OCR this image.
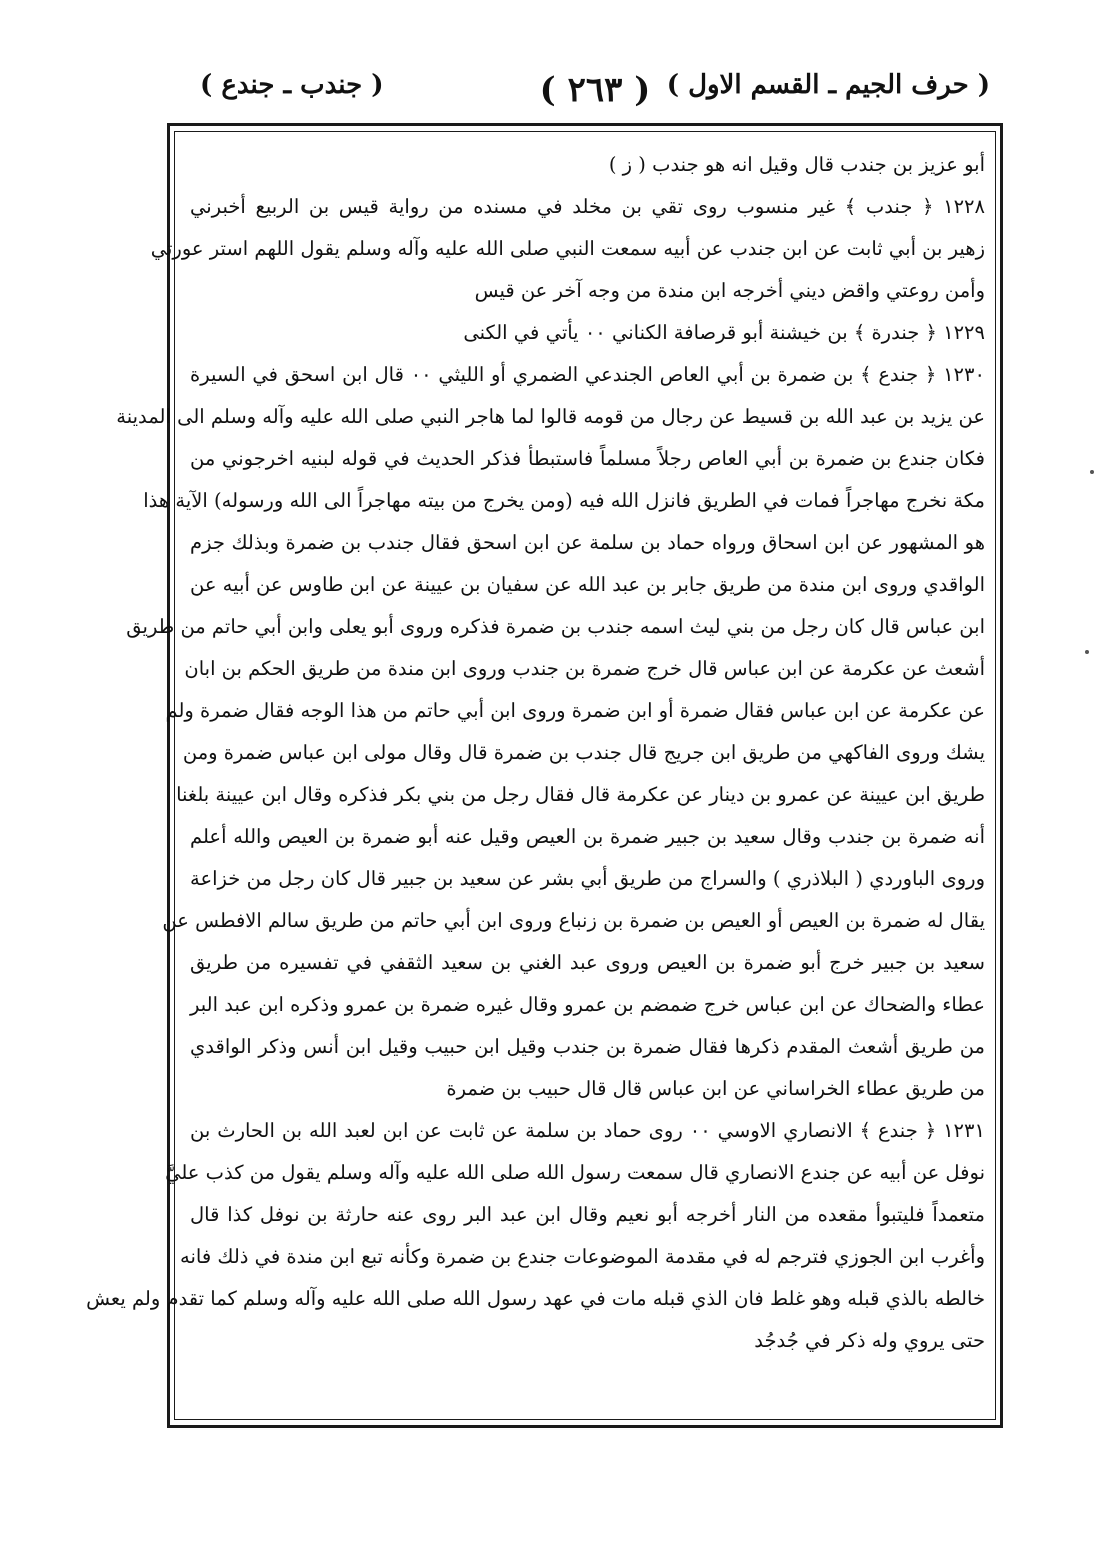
( حرف الجيم ـ القسم الاول )
( ٢٦٣ )
( جندب ـ جندع )
أبو عزيز بن جندب قال وقيل انه هو جندب ( ز )
١٢٢٨ ﴿ جندب ﴾ غير منسوب روى تقي بن مخلد في مسنده من رواية قيس بن الربيع أخبرني
زهير بن أبي ثابت عن ابن جندب عن أبيه سمعت النبي صلى الله عليه وآله وسلم يقول اللهم استر عورتي
وأمن روعتي واقض ديني أخرجه ابن مندة من وجه آخر عن قيس
١٢٢٩ ﴿ جندرة ﴾ بن خيشنة أبو قرصافة الكناني ٠٠ يأتي في الكنى
١٢٣٠ ﴿ جندع ﴾ بن ضمرة بن أبي العاص الجندعي الضمري أو الليثي ٠٠ قال ابن اسحق في السيرة
عن يزيد بن عبد الله بن قسيط عن رجال من قومه قالوا لما هاجر النبي صلى الله عليه وآله وسلم الى المدينة
فكان جندع بن ضمرة بن أبي العاص رجلاً مسلماً فاستبطأ فذكر الحديث في قوله لبنيه اخرجوني من
مكة نخرج مهاجراً فمات في الطريق فانزل الله فيه (ومن يخرج من بيته مهاجراً الى الله ورسوله) الآية هذا
هو المشهور عن ابن اسحاق ورواه حماد بن سلمة عن ابن اسحق فقال جندب بن ضمرة وبذلك جزم
الواقدي وروى ابن مندة من طريق جابر بن عبد الله عن سفيان بن عيينة عن ابن طاوس عن أبيه عن
ابن عباس قال كان رجل من بني ليث اسمه جندب بن ضمرة فذكره وروى أبو يعلى وابن أبي حاتم من طريق
أشعث عن عكرمة عن ابن عباس قال خرج ضمرة بن جندب وروى ابن مندة من طريق الحكم بن ابان
عن عكرمة عن ابن عباس فقال ضمرة أو ابن ضمرة وروى ابن أبي حاتم من هذا الوجه فقال ضمرة ولم
يشك وروى الفاكهي من طريق ابن جريج قال جندب بن ضمرة قال وقال مولى ابن عباس ضمرة ومن
طريق ابن عيينة عن عمرو بن دينار عن عكرمة قال فقال رجل من بني بكر فذكره وقال ابن عيينة بلغنا
أنه ضمرة بن جندب وقال سعيد بن جبير ضمرة بن العيص وقيل عنه أبو ضمرة بن العيص والله أعلم
وروى الباوردي ( البلاذري ) والسراج من طريق أبي بشر عن سعيد بن جبير قال كان رجل من خزاعة
يقال له ضمرة بن العيص أو العيص بن ضمرة بن زنباع وروى ابن أبي حاتم من طريق سالم الافطس عن
سعيد بن جبير خرج أبو ضمرة بن العيص وروى عبد الغني بن سعيد الثقفي في تفسيره من طريق
عطاء والضحاك عن ابن عباس خرج ضمضم بن عمرو وقال غيره ضمرة بن عمرو وذكره ابن عبد البر
من طريق أشعث المقدم ذكرها فقال ضمرة بن جندب وقيل ابن حبيب وقيل ابن أنس وذكر الواقدي
من طريق عطاء الخراساني عن ابن عباس قال قال حبيب بن ضمرة
١٢٣١ ﴿ جندع ﴾ الانصاري الاوسي ٠٠ روى حماد بن سلمة عن ثابت عن ابن لعبد الله بن الحارث بن
نوفل عن أبيه عن جندع الانصاري قال سمعت رسول الله صلى الله عليه وآله وسلم يقول من كذب عليَّ
متعمداً فليتبوأ مقعده من النار أخرجه أبو نعيم وقال ابن عبد البر روى عنه حارثة بن نوفل كذا قال
وأغرب ابن الجوزي فترجم له في مقدمة الموضوعات جندع بن ضمرة وكأنه تبع ابن مندة في ذلك فانه
خالطه بالذي قبله وهو غلط فان الذي قبله مات في عهد رسول الله صلى الله عليه وآله وسلم كما تقدم ولم يعش
حتى يروي وله ذكر في جُدجُد
